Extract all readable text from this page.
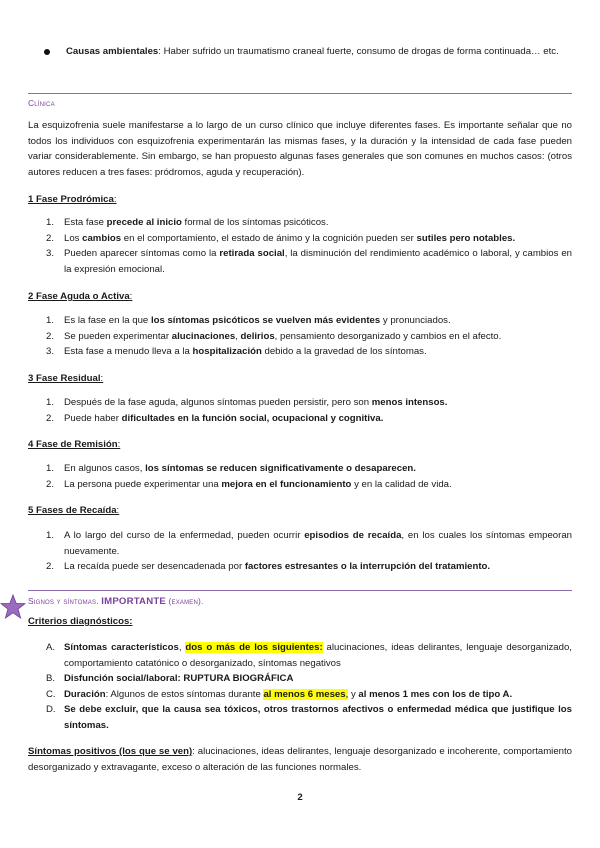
Causas ambientales: Haber sufrido un traumatismo craneal fuerte, consumo de drogas de forma continuada… etc.

Clínica

La esquizofrenia suele manifestarse a lo largo de un curso clínico que incluye diferentes fases. Es importante señalar que no todos los individuos con esquizofrenia experimentarán las mismas fases, y la duración y la intensidad de cada fase pueden variar considerablemente. Sin embargo, se han propuesto algunas fases generales que son comunes en muchos casos: (otros autores reducen a tres fases: pródromos, aguda y recuperación).

1 Fase Prodrómica:
1. Esta fase precede al inicio formal de los síntomas psicóticos.

2. Los cambios en el comportamiento, el estado de ánimo y la cognición pueden ser sutiles pero notables.

3. Pueden aparecer síntomas como la retirada social, la disminución del rendimiento académico o laboral, y cambios en la expresión emocional.

2 Fase Aguda o Activa:
1. Es la fase en la que los síntomas psicóticos se vuelven más evidentes y pronunciados.

2. Se pueden experimentar alucinaciones, delirios, pensamiento desorganizado y cambios en el afecto.

3. Esta fase a menudo lleva a la hospitalización debido a la gravedad de los síntomas.

3 Fase Residual:
1. Después de la fase aguda, algunos síntomas pueden persistir, pero son menos intensos.

2. Puede haber dificultades en la función social, ocupacional y cognitiva.

4 Fase de Remisión:
1. En algunos casos, los síntomas se reducen significativamente o desaparecen.

2. La persona puede experimentar una mejora en el funcionamiento y en la calidad de vida.

5 Fases de Recaída:
1. A lo largo del curso de la enfermedad, pueden ocurrir episodios de recaída, en los cuales los síntomas empeoran nuevamente.

2. La recaída puede ser desencadenada por factores estresantes o la interrupción del tratamiento.

Signos y síntomas. IMPORTANTE (examen).
Criterios diagnósticos:
A. Síntomas característicos, dos o más de los siguientes: alucinaciones, ideas delirantes, lenguaje desorganizado, comportamiento catatónico o desorganizado, síntomas negativos

B. Disfunción social/laboral: RUPTURA BIOGRÁFICA

C. Duración: Algunos de estos síntomas durante al menos 6 meses, y al menos 1 mes con los de tipo A.

D. Se debe excluir, que la causa sea tóxicos, otros trastornos afectivos o enfermedad médica que justifique los síntomas.

Síntomas positivos (los que se ven): alucinaciones, ideas delirantes, lenguaje desorganizado e incoherente, comportamiento desorganizado y extravagante, exceso o alteración de las funciones normales.

2
